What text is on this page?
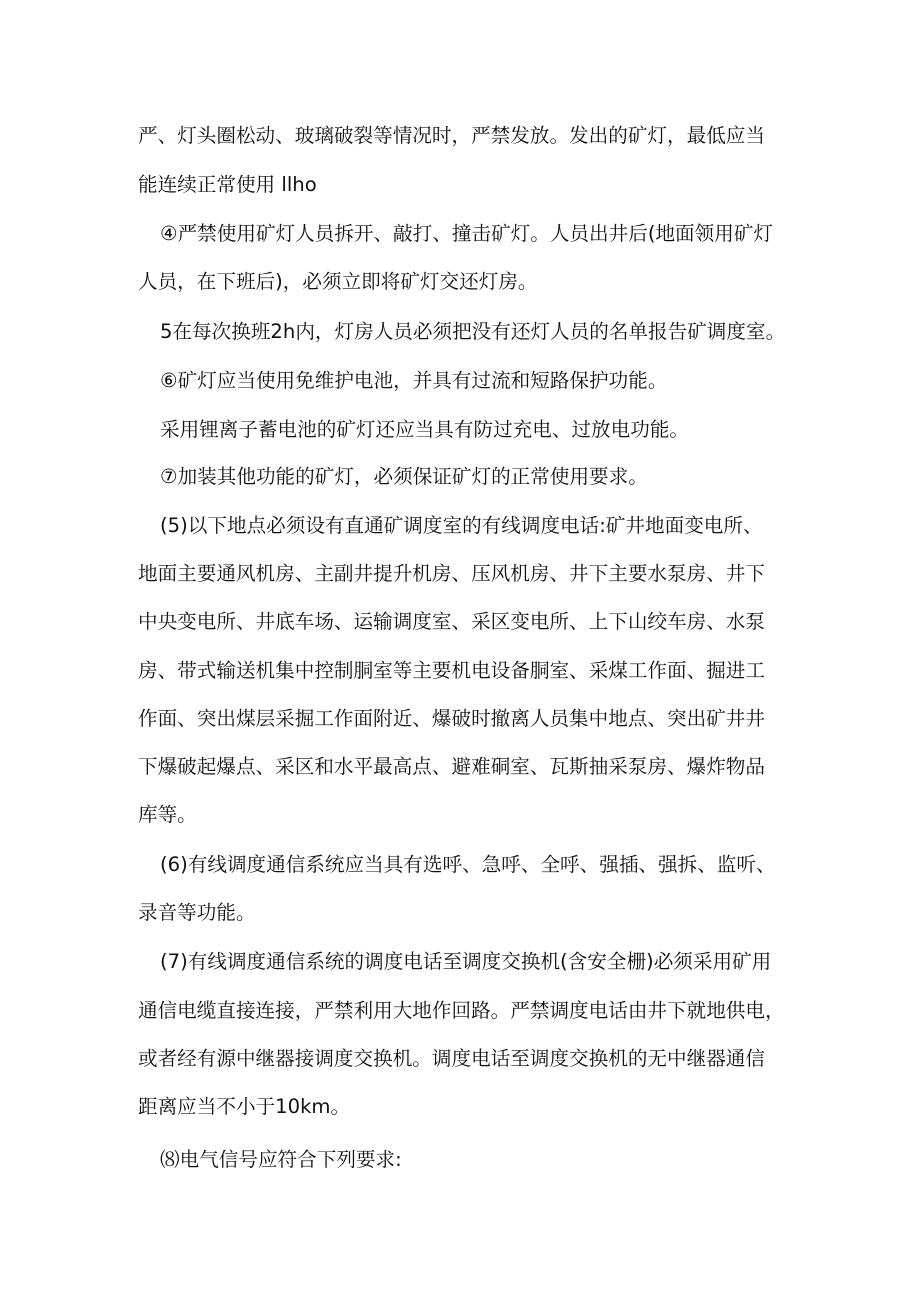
严、灯头圈松动、玻璃破裂等情况时，严禁发放。发出的矿灯，最低应当
能连续正常使用 llho
④严禁使用矿灯人员拆开、敲打、撞击矿灯。人员出井后(地面领用矿灯
人员，在下班后)，必须立即将矿灯交还灯房。
5在每次换班2h内，灯房人员必须把没有还灯人员的名单报告矿调度室。
⑥矿灯应当使用免维护电池，并具有过流和短路保护功能。
采用锂离子蓄电池的矿灯还应当具有防过充电、过放电功能。
⑦加装其他功能的矿灯，必须保证矿灯的正常使用要求。
(5)以下地点必须设有直通矿调度室的有线调度电话:矿井地面变电所、
地面主要通风机房、主副井提升机房、压风机房、井下主要水泵房、井下
中央变电所、井底车场、运输调度室、采区变电所、上下山绞车房、水泵
房、带式输送机集中控制胴室等主要机电设备胴室、采煤工作面、掘进工
作面、突出煤层采掘工作面附近、爆破时撤离人员集中地点、突出矿井井
下爆破起爆点、采区和水平最高点、避难硐室、瓦斯抽采泵房、爆炸物品
库等。
(6)有线调度通信系统应当具有选呼、急呼、全呼、强插、强拆、监听、
录音等功能。
(7)有线调度通信系统的调度电话至调度交换机(含安全栅)必须采用矿用
通信电缆直接连接，严禁利用大地作回路。严禁调度电话由井下就地供电，
或者经有源中继器接调度交换机。调度电话至调度交换机的无中继器通信
距离应当不小于10km。
⑻电气信号应符合下列要求:
